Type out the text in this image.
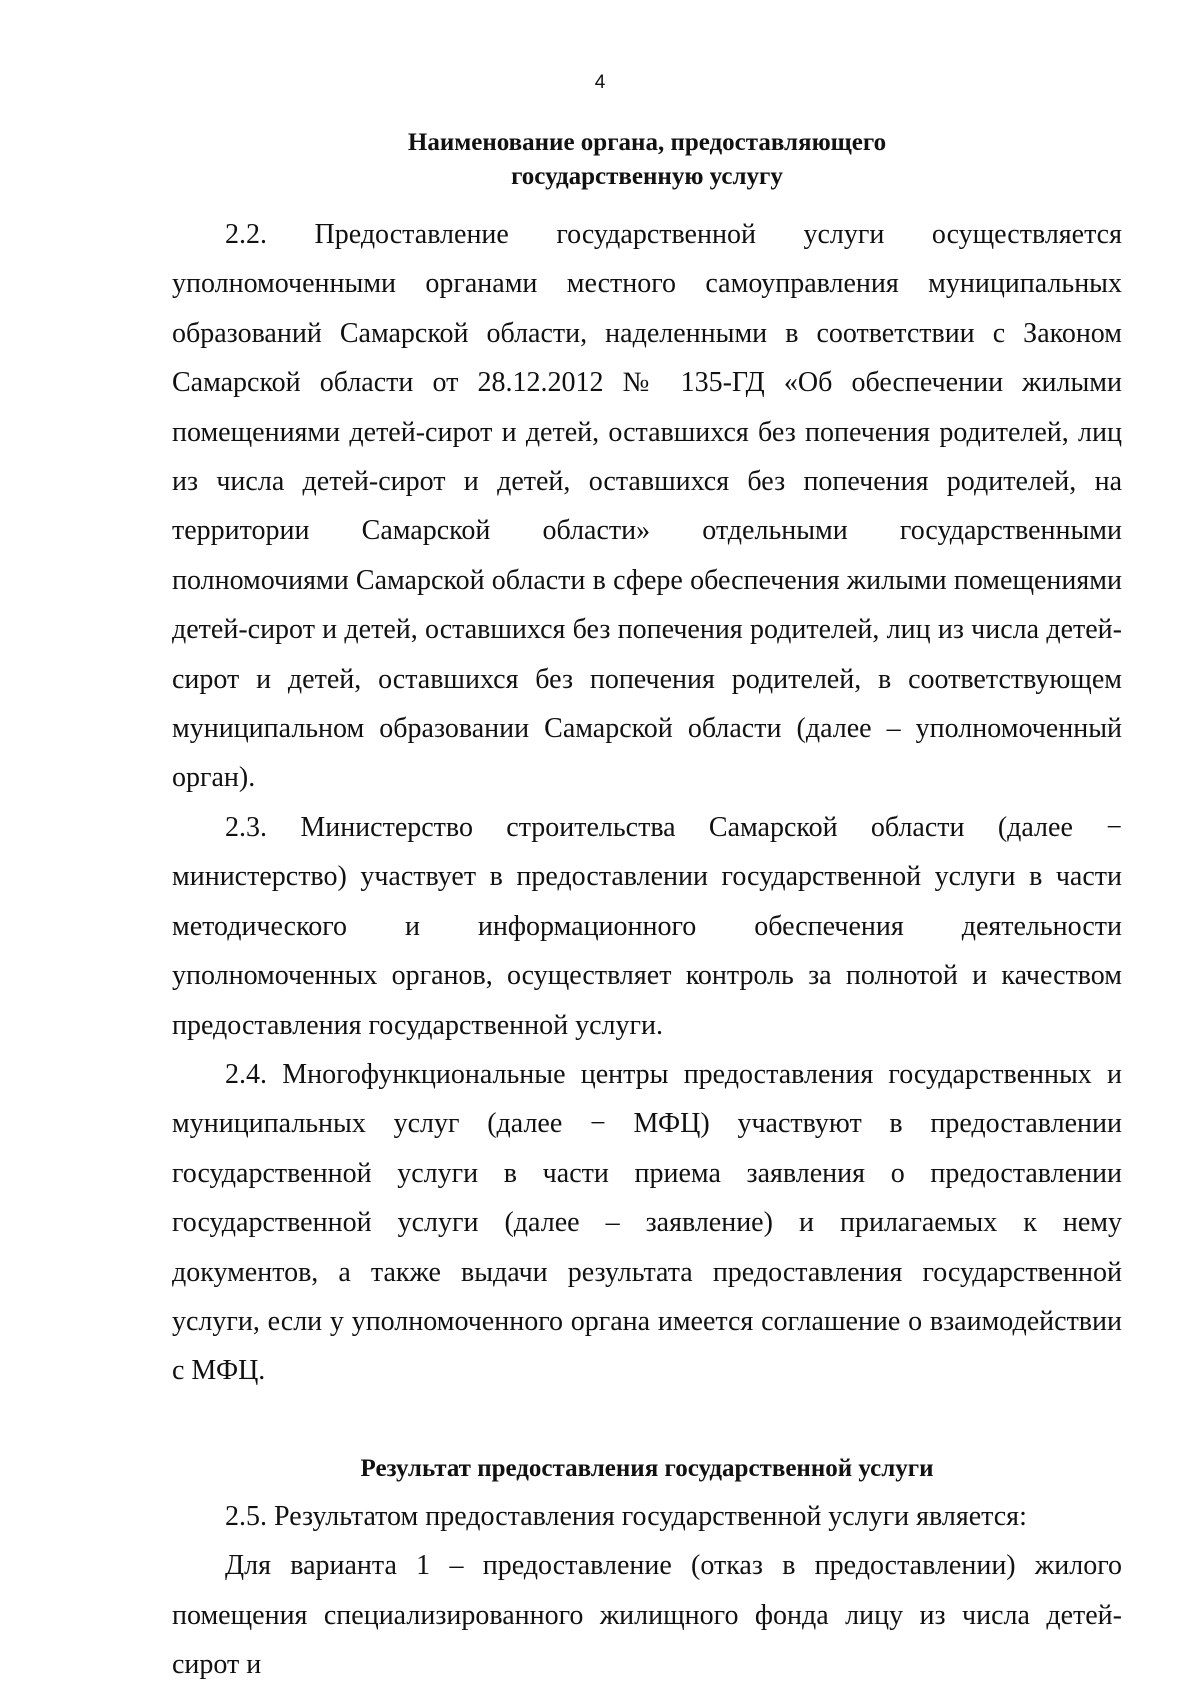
4
Наименование органа, предоставляющего
государственную услугу

2.2. Предоставление государственной услуги осуществляется уполномоченными органами местного самоуправления муниципальных образований Самарской области, наделенными в соответствии с Законом Самарской области от 28.12.2012 № 135-ГД «Об обеспечении жилыми помещениями детей-сирот и детей, оставшихся без попечения родителей, лиц из числа детей-сирот и детей, оставшихся без попечения родителей, на территории Самарской области» отдельными государственными полномочиями Самарской области в сфере обеспечения жилыми помещениями детей-сирот и детей, оставшихся без попечения родителей, лиц из числа детей-сирот и детей, оставшихся без попечения родителей, в соответствующем муниципальном образовании Самарской области (далее – уполномоченный орган).

2.3. Министерство строительства Самарской области (далее − министерство) участвует в предоставлении государственной услуги в части методического и информационного обеспечения деятельности уполномоченных органов, осуществляет контроль за полнотой и качеством предоставления государственной услуги.

2.4. Многофункциональные центры предоставления государственных и муниципальных услуг (далее − МФЦ) участвуют в предоставлении государственной услуги в части приема заявления о предоставлении государственной услуги (далее – заявление) и прилагаемых к нему документов, а также выдачи результата предоставления государственной услуги, если у уполномоченного органа имеется соглашение о взаимодействии с МФЦ.

Результат предоставления государственной услуги

2.5. Результатом предоставления государственной услуги является:

Для варианта 1 – предоставление (отказ в предоставлении) жилого помещения специализированного жилищного фонда лицу из числа детей-сирот и
